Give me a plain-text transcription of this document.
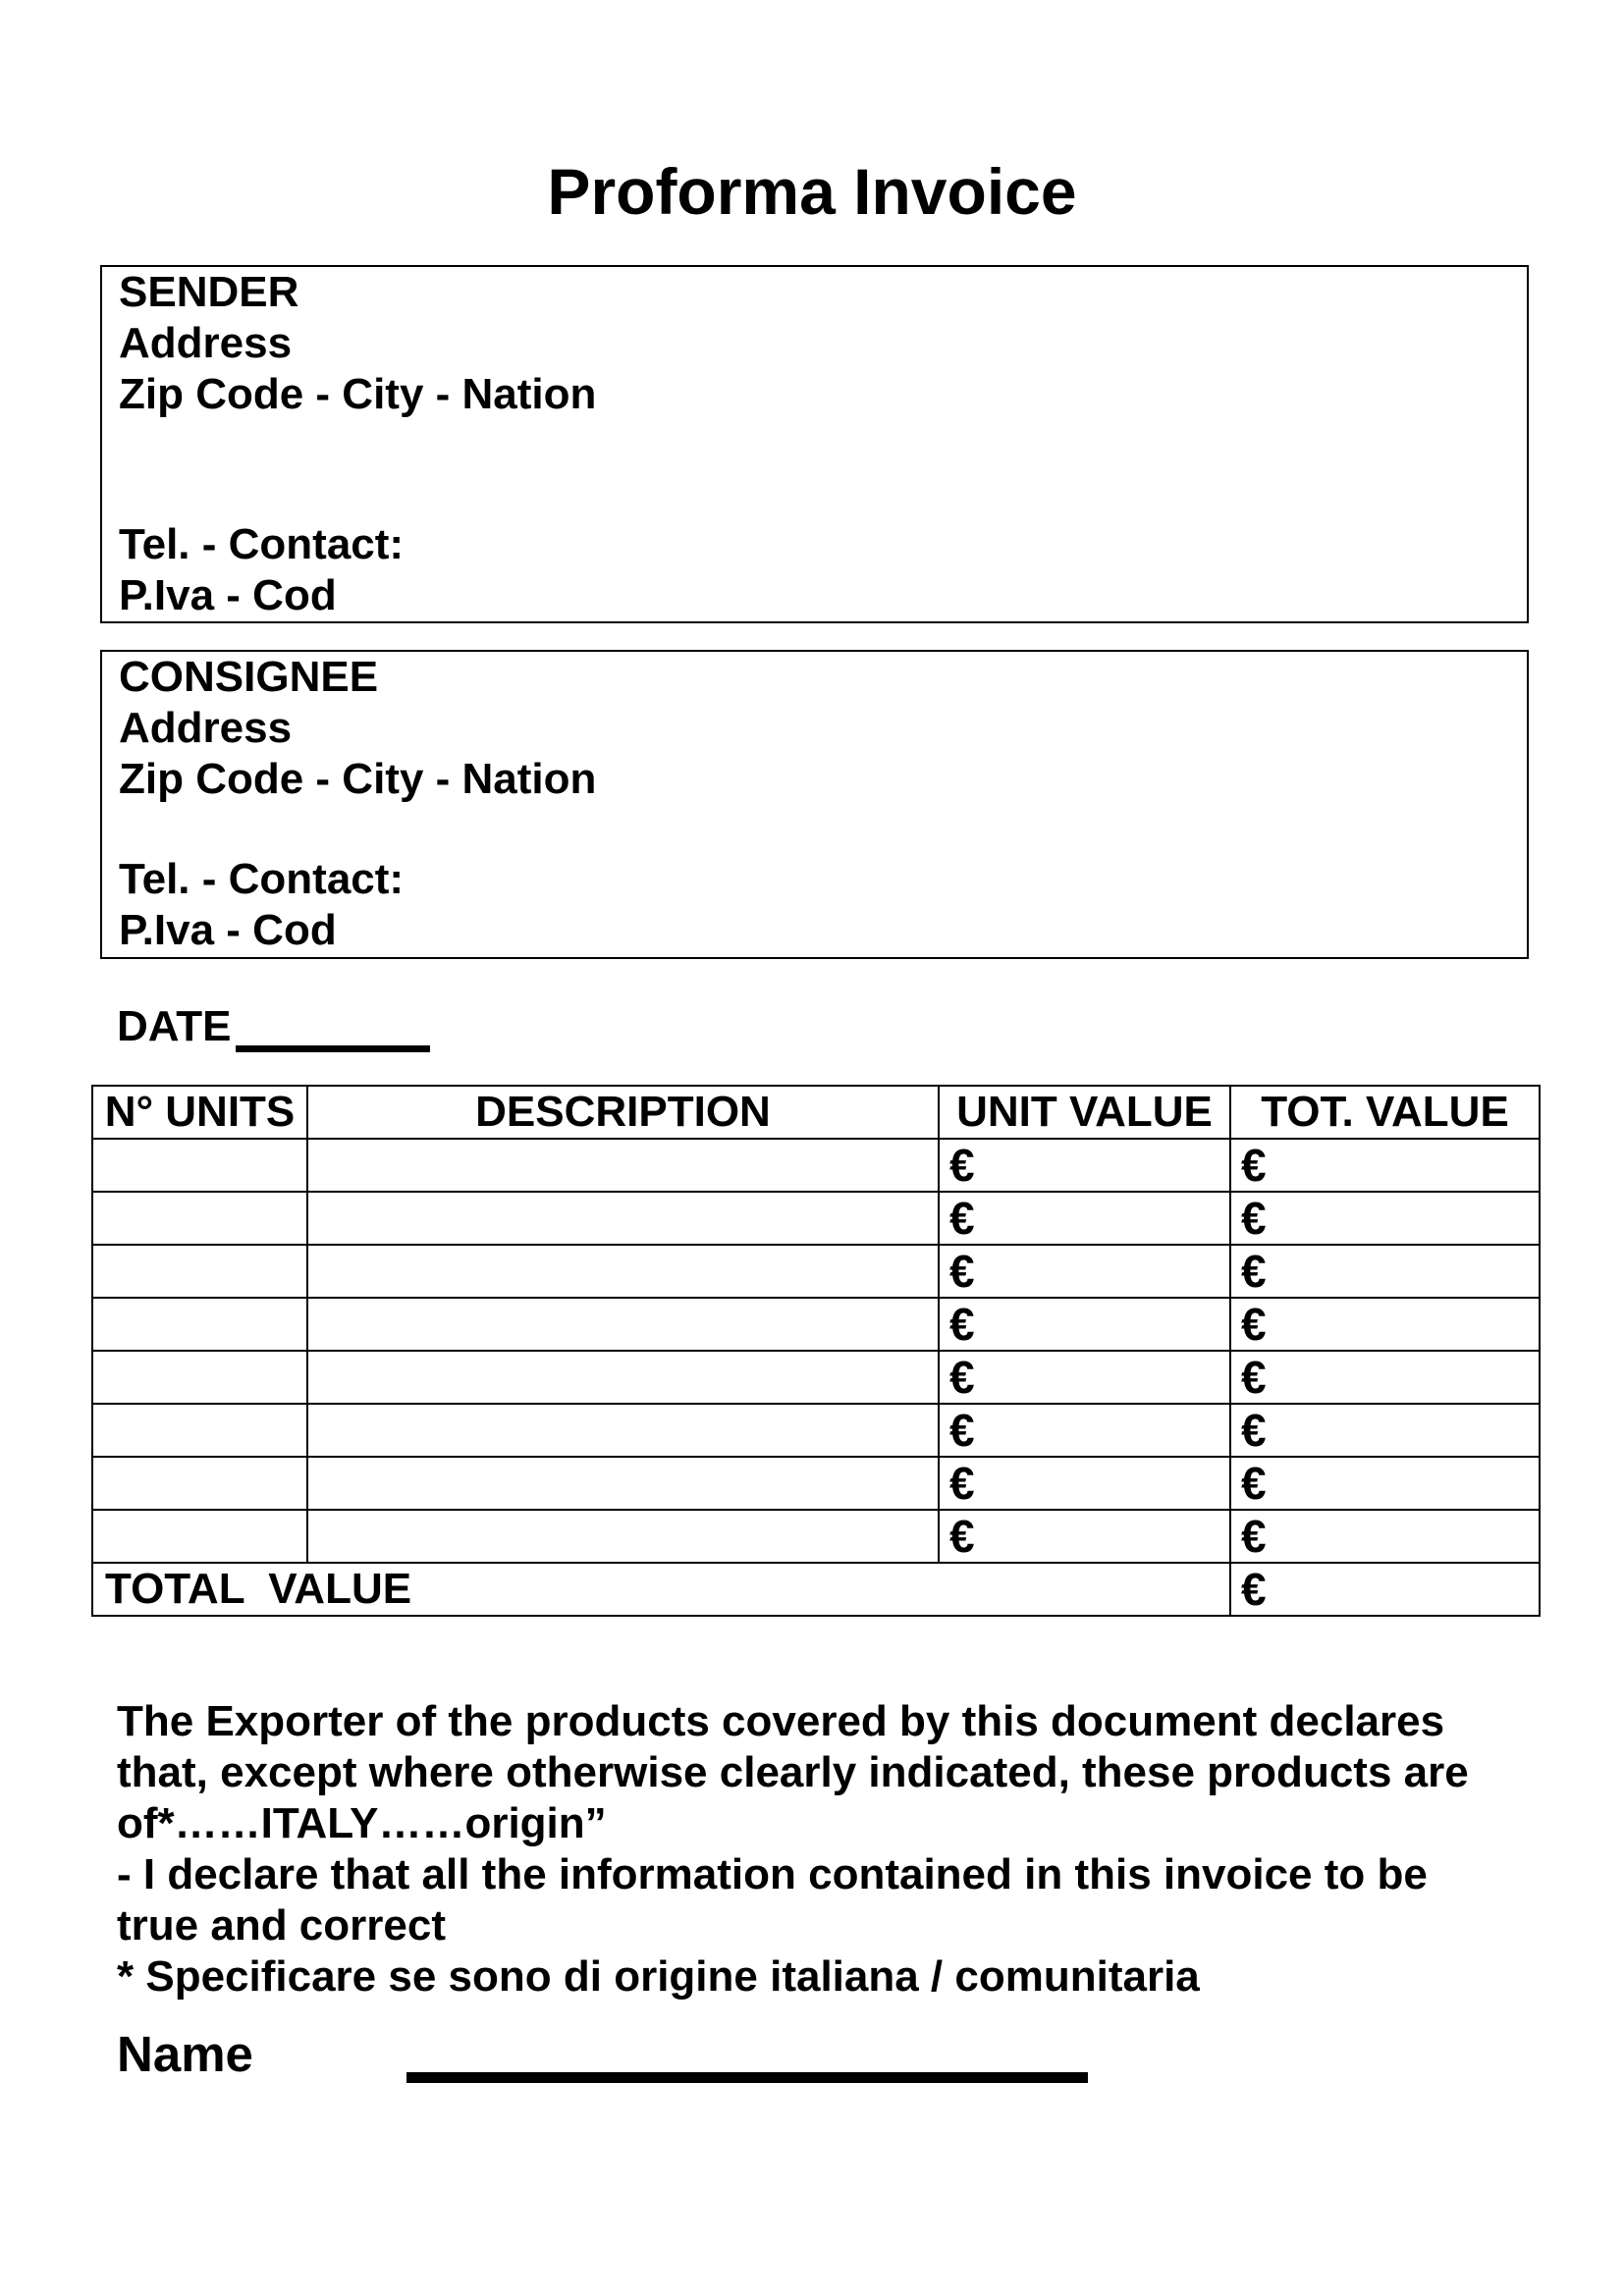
Proforma Invoice
SENDER
Address
Zip Code - City - Nation
Tel. - Contact:
P.Iva - Cod
CONSIGNEE
Address
Zip Code - City - Nation
Tel. - Contact:
P.Iva - Cod
DATE
N° UNITS	DESCRIPTION	UNIT VALUE	TOT. VALUE
		€	€
		€	€
		€	€
		€	€
		€	€
		€	€
		€	€
		€	€
TOTAL  VALUE			€
The Exporter of the products covered by this document declares
that, except where otherwise clearly indicated, these products are
of*……ITALY……origin”
- I declare that all the information contained in this invoice to be
true and correct
* Specificare se sono di origine italiana / comunitaria
Name
